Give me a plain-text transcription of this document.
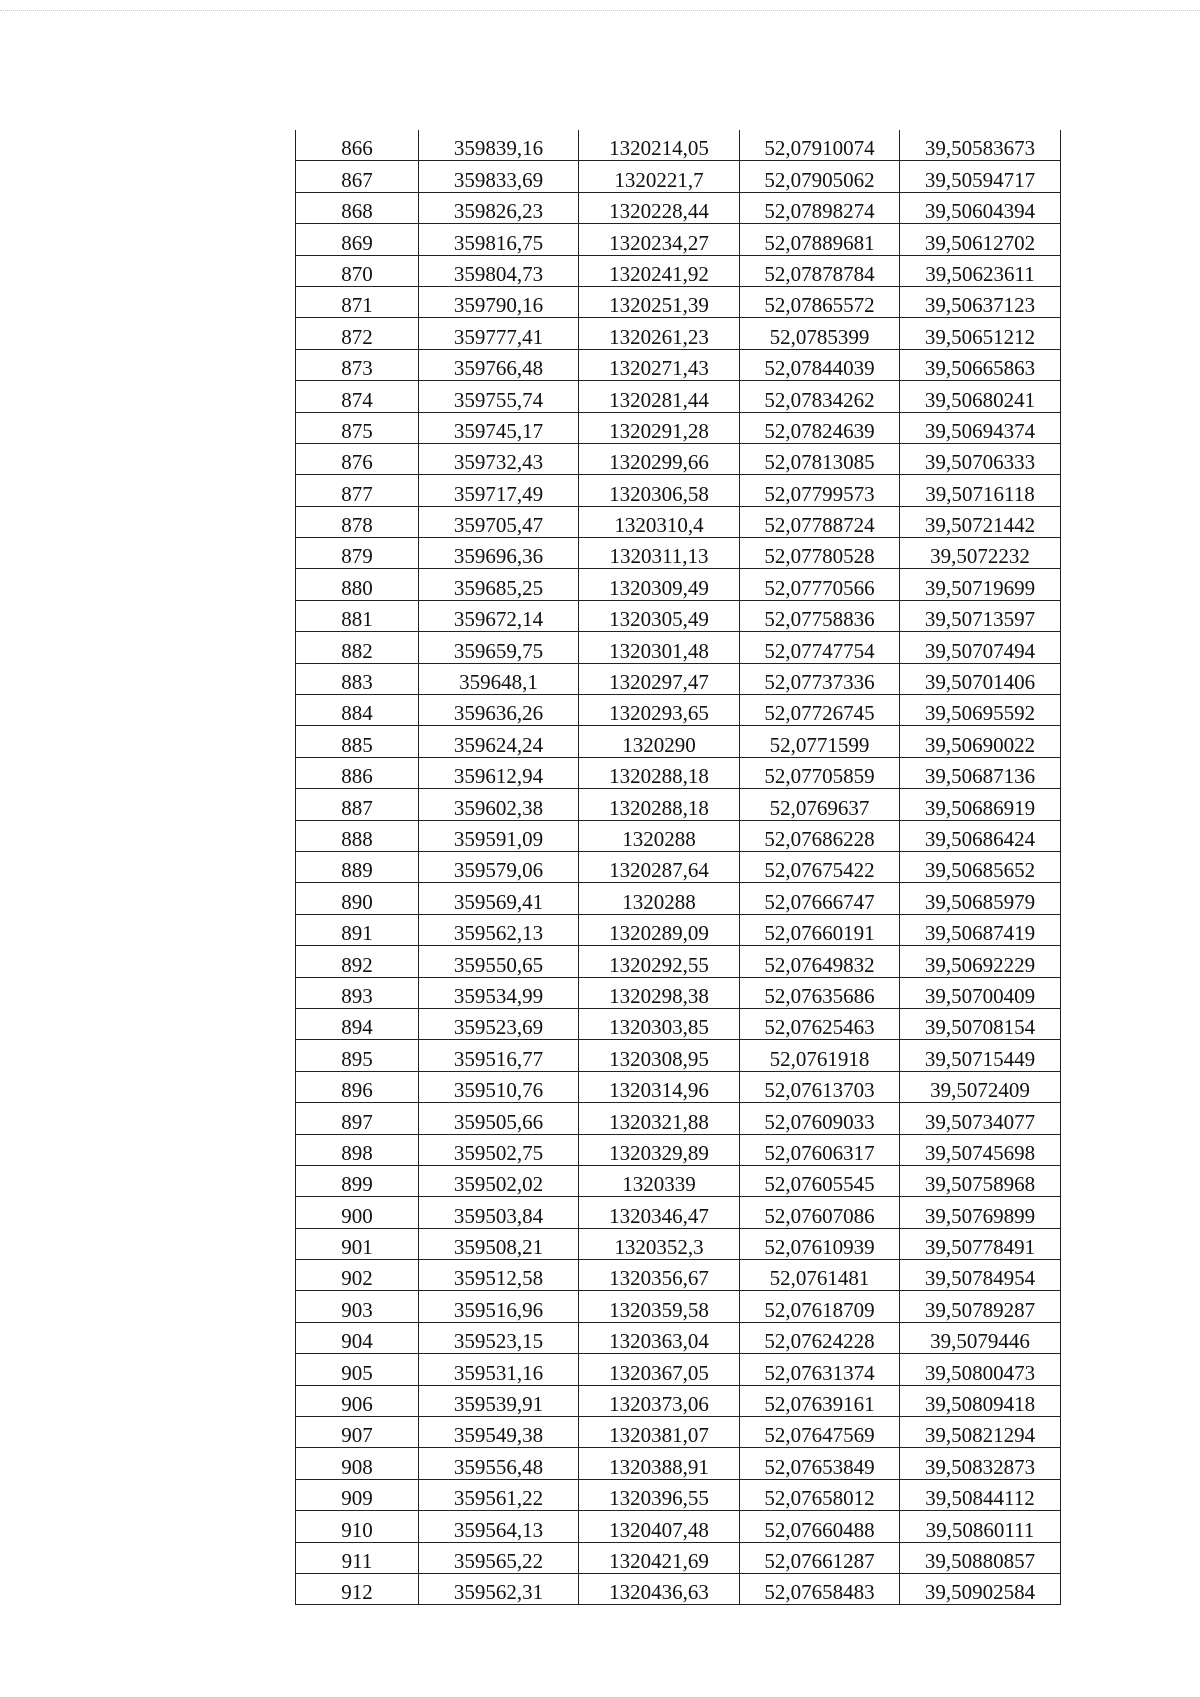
866	359839,16	1320214,05	52,07910074	39,50583673
867	359833,69	1320221,7	52,07905062	39,50594717
868	359826,23	1320228,44	52,07898274	39,50604394
869	359816,75	1320234,27	52,07889681	39,50612702
870	359804,73	1320241,92	52,07878784	39,50623611
871	359790,16	1320251,39	52,07865572	39,50637123
872	359777,41	1320261,23	52,0785399	39,50651212
873	359766,48	1320271,43	52,07844039	39,50665863
874	359755,74	1320281,44	52,07834262	39,50680241
875	359745,17	1320291,28	52,07824639	39,50694374
876	359732,43	1320299,66	52,07813085	39,50706333
877	359717,49	1320306,58	52,07799573	39,50716118
878	359705,47	1320310,4	52,07788724	39,50721442
879	359696,36	1320311,13	52,07780528	39,5072232
880	359685,25	1320309,49	52,07770566	39,50719699
881	359672,14	1320305,49	52,07758836	39,50713597
882	359659,75	1320301,48	52,07747754	39,50707494
883	359648,1	1320297,47	52,07737336	39,50701406
884	359636,26	1320293,65	52,07726745	39,50695592
885	359624,24	1320290	52,0771599	39,50690022
886	359612,94	1320288,18	52,07705859	39,50687136
887	359602,38	1320288,18	52,0769637	39,50686919
888	359591,09	1320288	52,07686228	39,50686424
889	359579,06	1320287,64	52,07675422	39,50685652
890	359569,41	1320288	52,07666747	39,50685979
891	359562,13	1320289,09	52,07660191	39,50687419
892	359550,65	1320292,55	52,07649832	39,50692229
893	359534,99	1320298,38	52,07635686	39,50700409
894	359523,69	1320303,85	52,07625463	39,50708154
895	359516,77	1320308,95	52,0761918	39,50715449
896	359510,76	1320314,96	52,07613703	39,5072409
897	359505,66	1320321,88	52,07609033	39,50734077
898	359502,75	1320329,89	52,07606317	39,50745698
899	359502,02	1320339	52,07605545	39,50758968
900	359503,84	1320346,47	52,07607086	39,50769899
901	359508,21	1320352,3	52,07610939	39,50778491
902	359512,58	1320356,67	52,0761481	39,50784954
903	359516,96	1320359,58	52,07618709	39,50789287
904	359523,15	1320363,04	52,07624228	39,5079446
905	359531,16	1320367,05	52,07631374	39,50800473
906	359539,91	1320373,06	52,07639161	39,50809418
907	359549,38	1320381,07	52,07647569	39,50821294
908	359556,48	1320388,91	52,07653849	39,50832873
909	359561,22	1320396,55	52,07658012	39,50844112
910	359564,13	1320407,48	52,07660488	39,50860111
911	359565,22	1320421,69	52,07661287	39,50880857
912	359562,31	1320436,63	52,07658483	39,50902584
